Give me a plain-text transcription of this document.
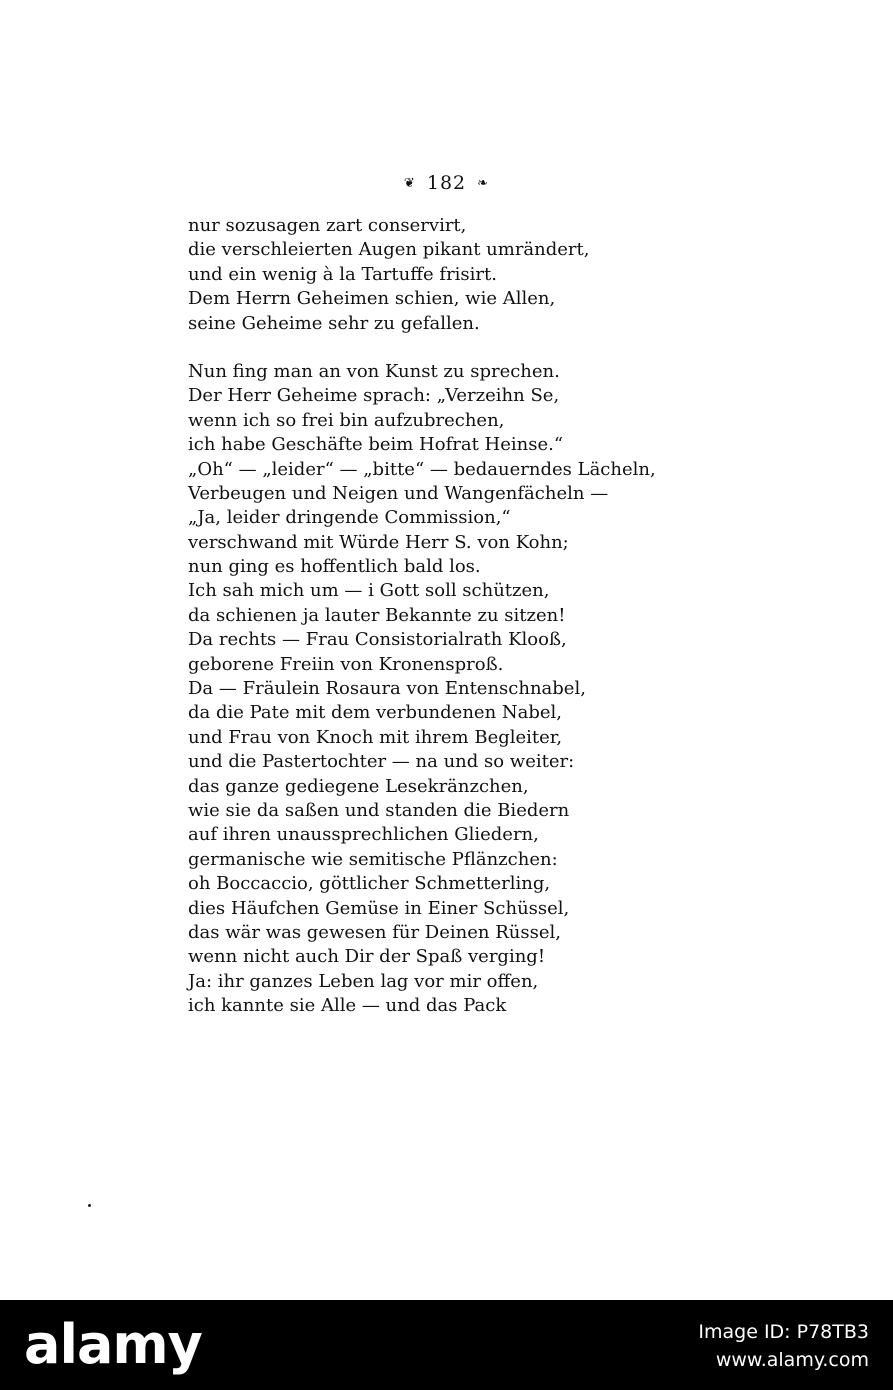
❦ 182 ❧
nur sozusagen zart conservirt,
die verschleierten Augen pikant umrändert,
und ein wenig à la Tartuffe frisirt.
Dem Herrn Geheimen schien, wie Allen,
seine Geheime sehr zu gefallen.
Nun fing man an von Kunst zu sprechen.
Der Herr Geheime sprach: „Verzeihn Se,
wenn ich so frei bin aufzubrechen,
ich habe Geschäfte beim Hofrat Heinse.“
„Oh“ — „leider“ — „bitte“ — bedauerndes Lächeln,
Verbeugen und Neigen und Wangenfächeln —
„Ja, leider dringende Commission,“
verschwand mit Würde Herr S. von Kohn;
nun ging es hoffentlich bald los.
Ich sah mich um — i Gott soll schützen,
da schienen ja lauter Bekannte zu sitzen!
Da rechts — Frau Consistorialrath Klooß,
geborene Freiin von Kronensproß.
Da — Fräulein Rosaura von Entenschnabel,
da die Pate mit dem verbundenen Nabel,
und Frau von Knoch mit ihrem Begleiter,
und die Pastertochter — na und so weiter:
das ganze gediegene Lesekränzchen,
wie sie da saßen und standen die Biedern
auf ihren unaussprechlichen Gliedern,
germanische wie semitische Pflänzchen:
oh Boccaccio, göttlicher Schmetterling,
dies Häufchen Gemüse in Einer Schüssel,
das wär was gewesen für Deinen Rüssel,
wenn nicht auch Dir der Spaß verging!
Ja: ihr ganzes Leben lag vor mir offen,
ich kannte sie Alle — und das Pack
alamy	Image ID: P78TB3
www.alamy.com
